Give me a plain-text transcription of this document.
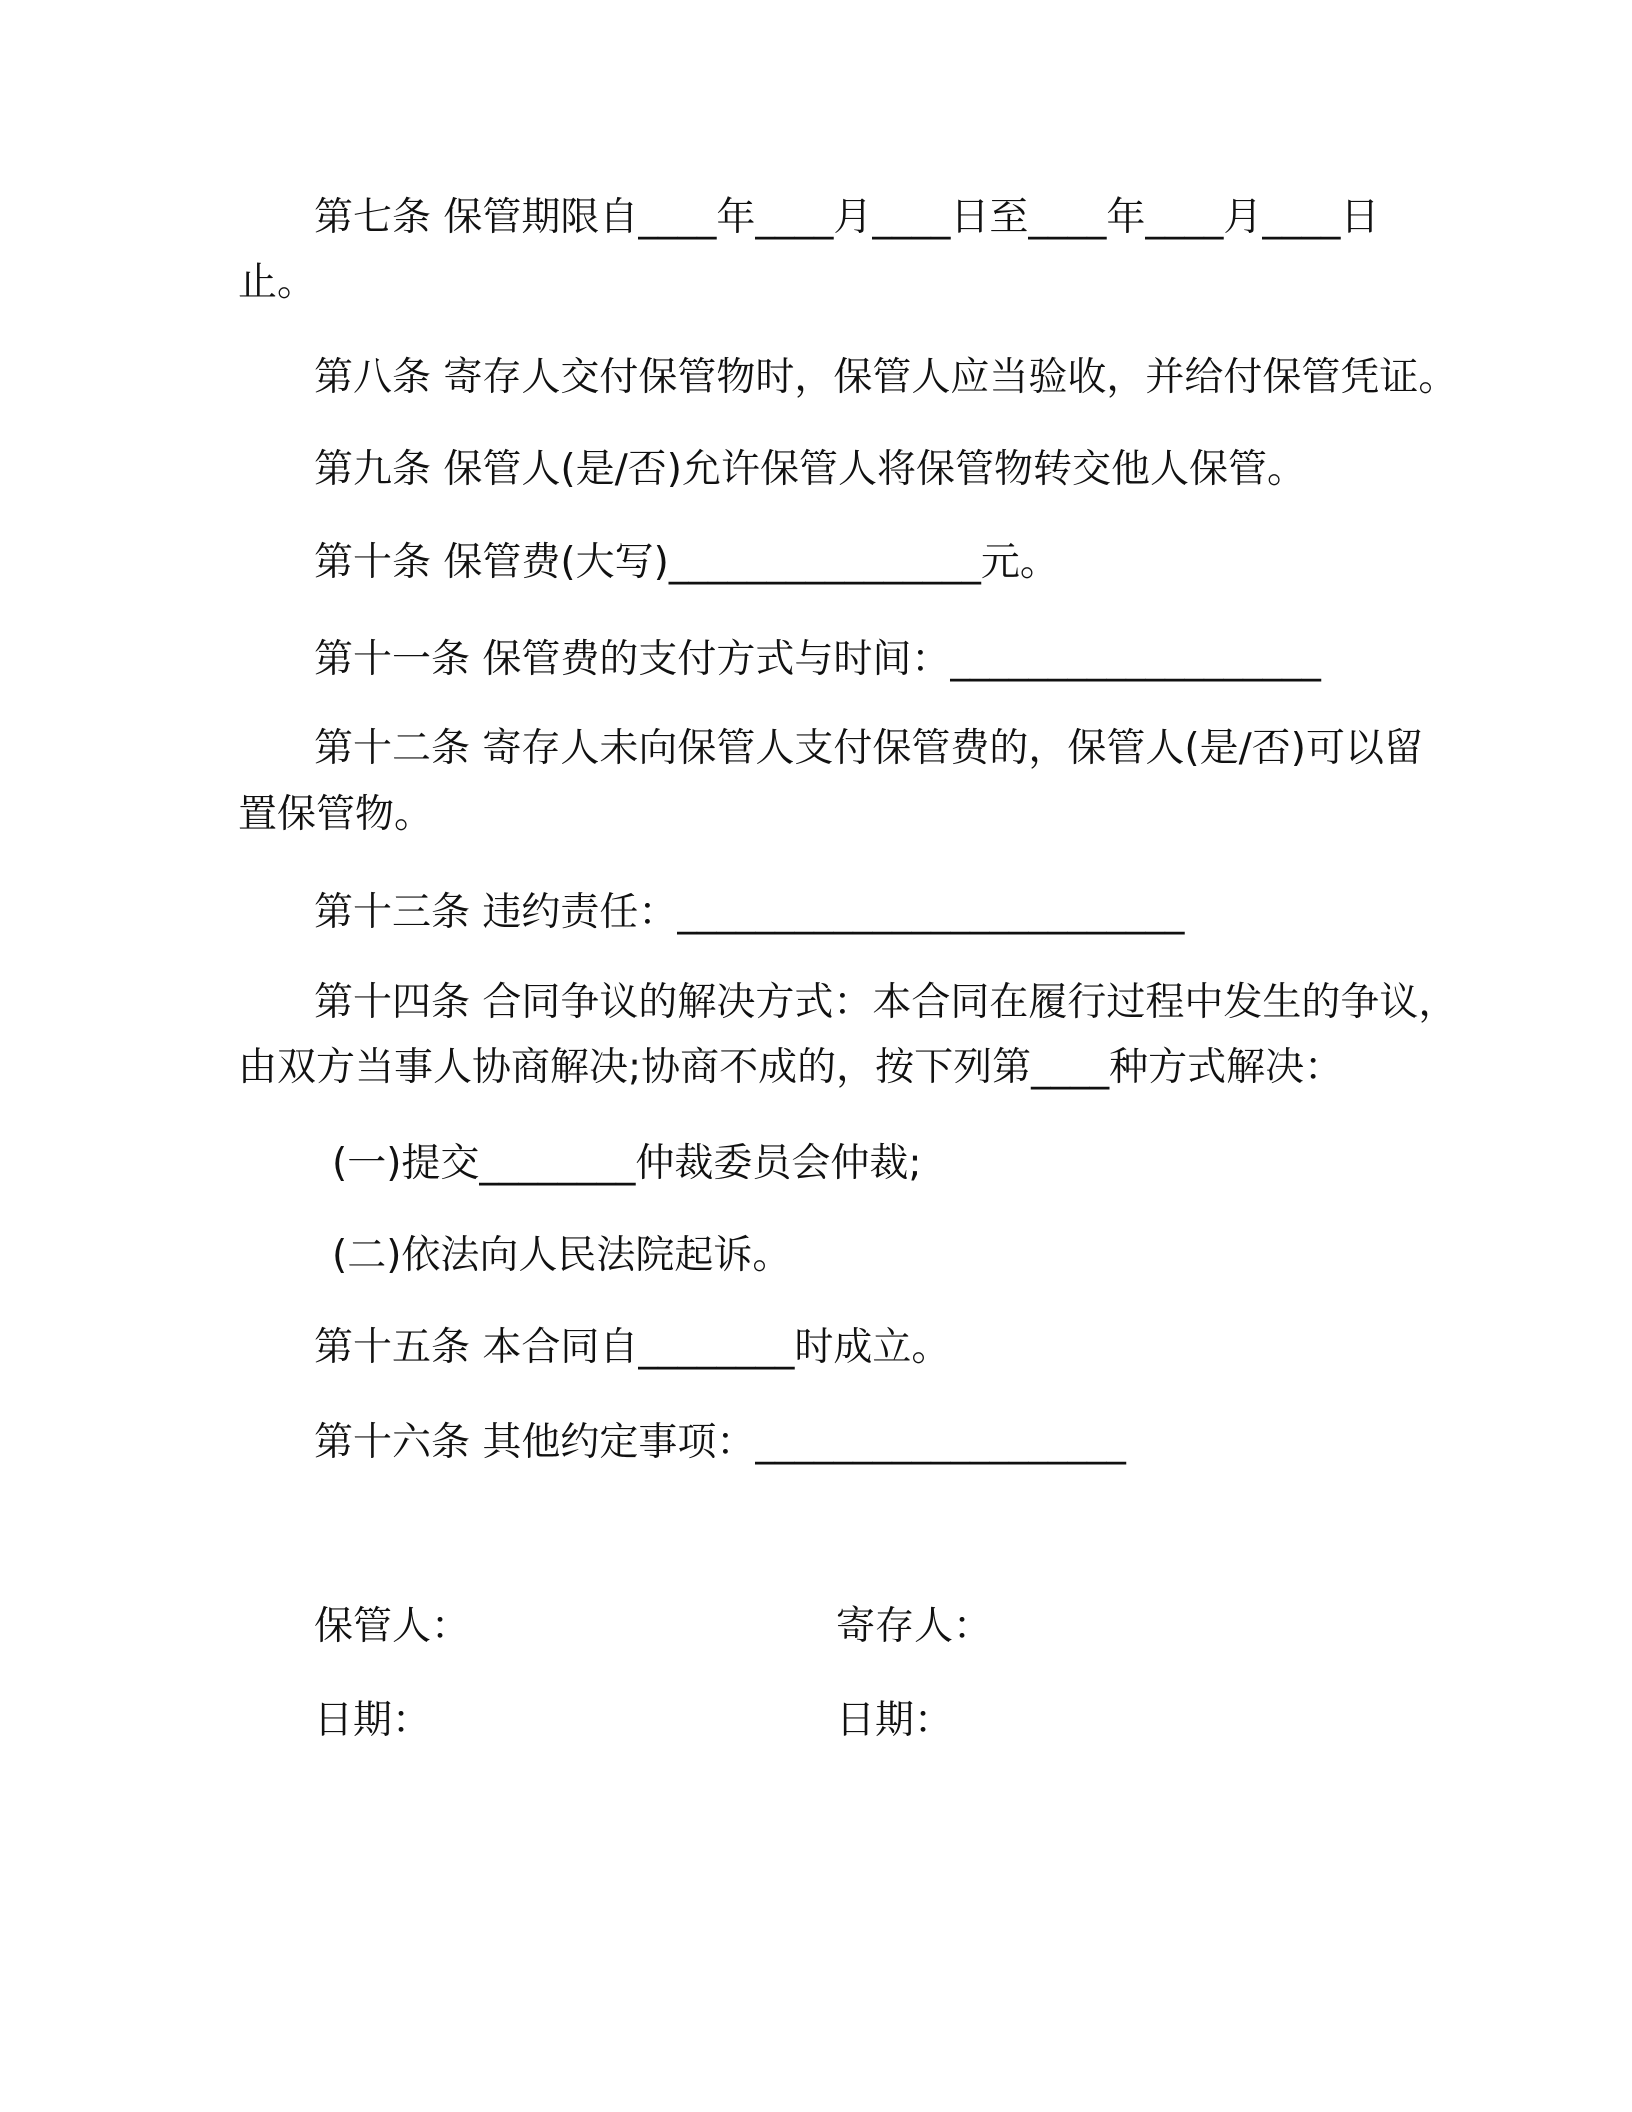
第七条 保管期限自____年____月____日至____年____月____日
止。
第八条 寄存人交付保管物时，保管人应当验收，并给付保管凭证。
第九条 保管人(是/否)允许保管人将保管物转交他人保管。
第十条 保管费(大写)________________元。
第十一条 保管费的支付方式与时间：___________________
第十二条 寄存人未向保管人支付保管费的，保管人(是/否)可以留
置保管物。
第十三条 违约责任：__________________________
第十四条 合同争议的解决方式：本合同在履行过程中发生的争议，
由双方当事人协商解决;协商不成的，按下列第____种方式解决：
(一)提交________仲裁委员会仲裁;
(二)依法向人民法院起诉。
第十五条 本合同自________时成立。
第十六条 其他约定事项：___________________
保管人：	寄存人：
日期：	日期：
